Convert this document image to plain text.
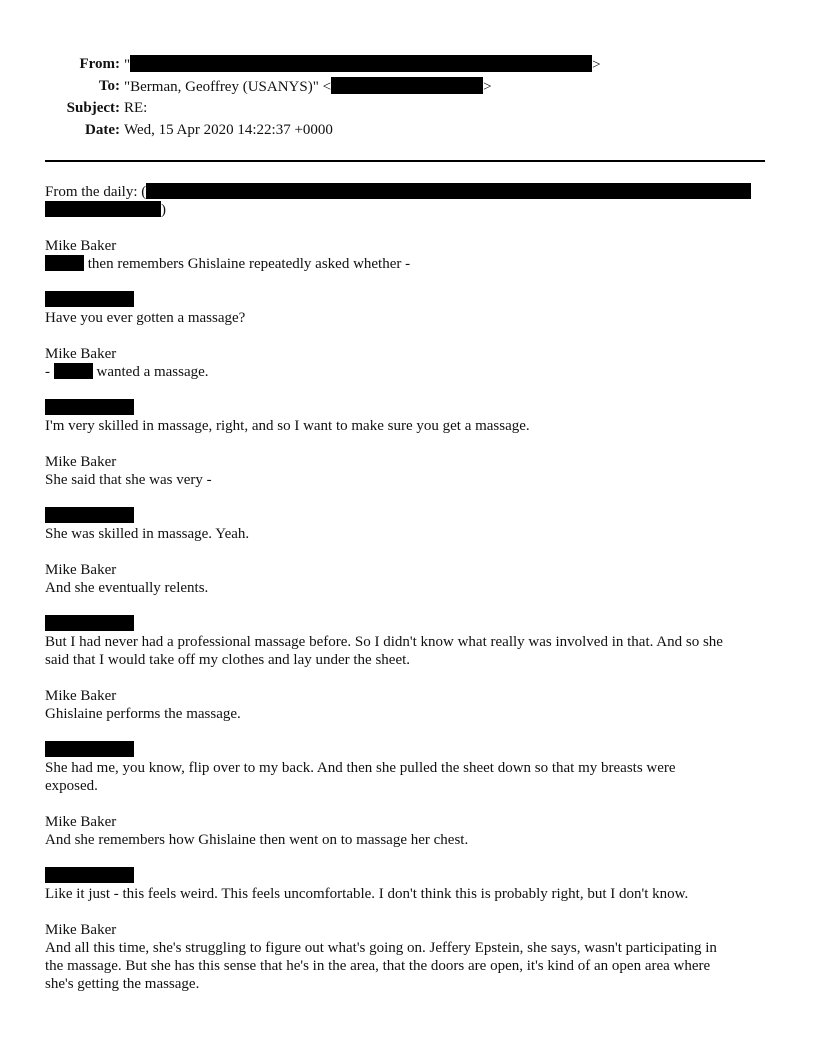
From: "	>
To: "Berman, Geoffrey (USANYS)" <	>
Subject: RE:
Date: Wed, 15 Apr 2020 14:22:37 +0000
From the daily: (
)
Mike Baker
then remembers Ghislaine repeatedly asked whether -
Have you ever gotten a massage?
Mike Baker
-	wanted a massage.
I'm very skilled in massage, right, and so I want to make sure you get a massage.
Mike Baker
She said that she was very -
She was skilled in massage. Yeah.
Mike Baker
And she eventually relents.
But I had never had a professional massage before. So I didn't know what really was involved in that. And so she
said that I would take off my clothes and lay under the sheet.
Mike Baker
Ghislaine performs the massage.
She had me, you know, flip over to my back. And then she pulled the sheet down so that my breasts were
exposed.
Mike Baker
And she remembers how Ghislaine then went on to massage her chest.
Like it just - this feels weird. This feels uncomfortable. I don't think this is probably right, but I don't know.
Mike Baker
And all this time, she's struggling to figure out what's going on. Jeffery Epstein, she says, wasn't participating in
the massage. But she has this sense that he's in the area, that the doors are open, it's kind of an open area where
she's getting the massage.
